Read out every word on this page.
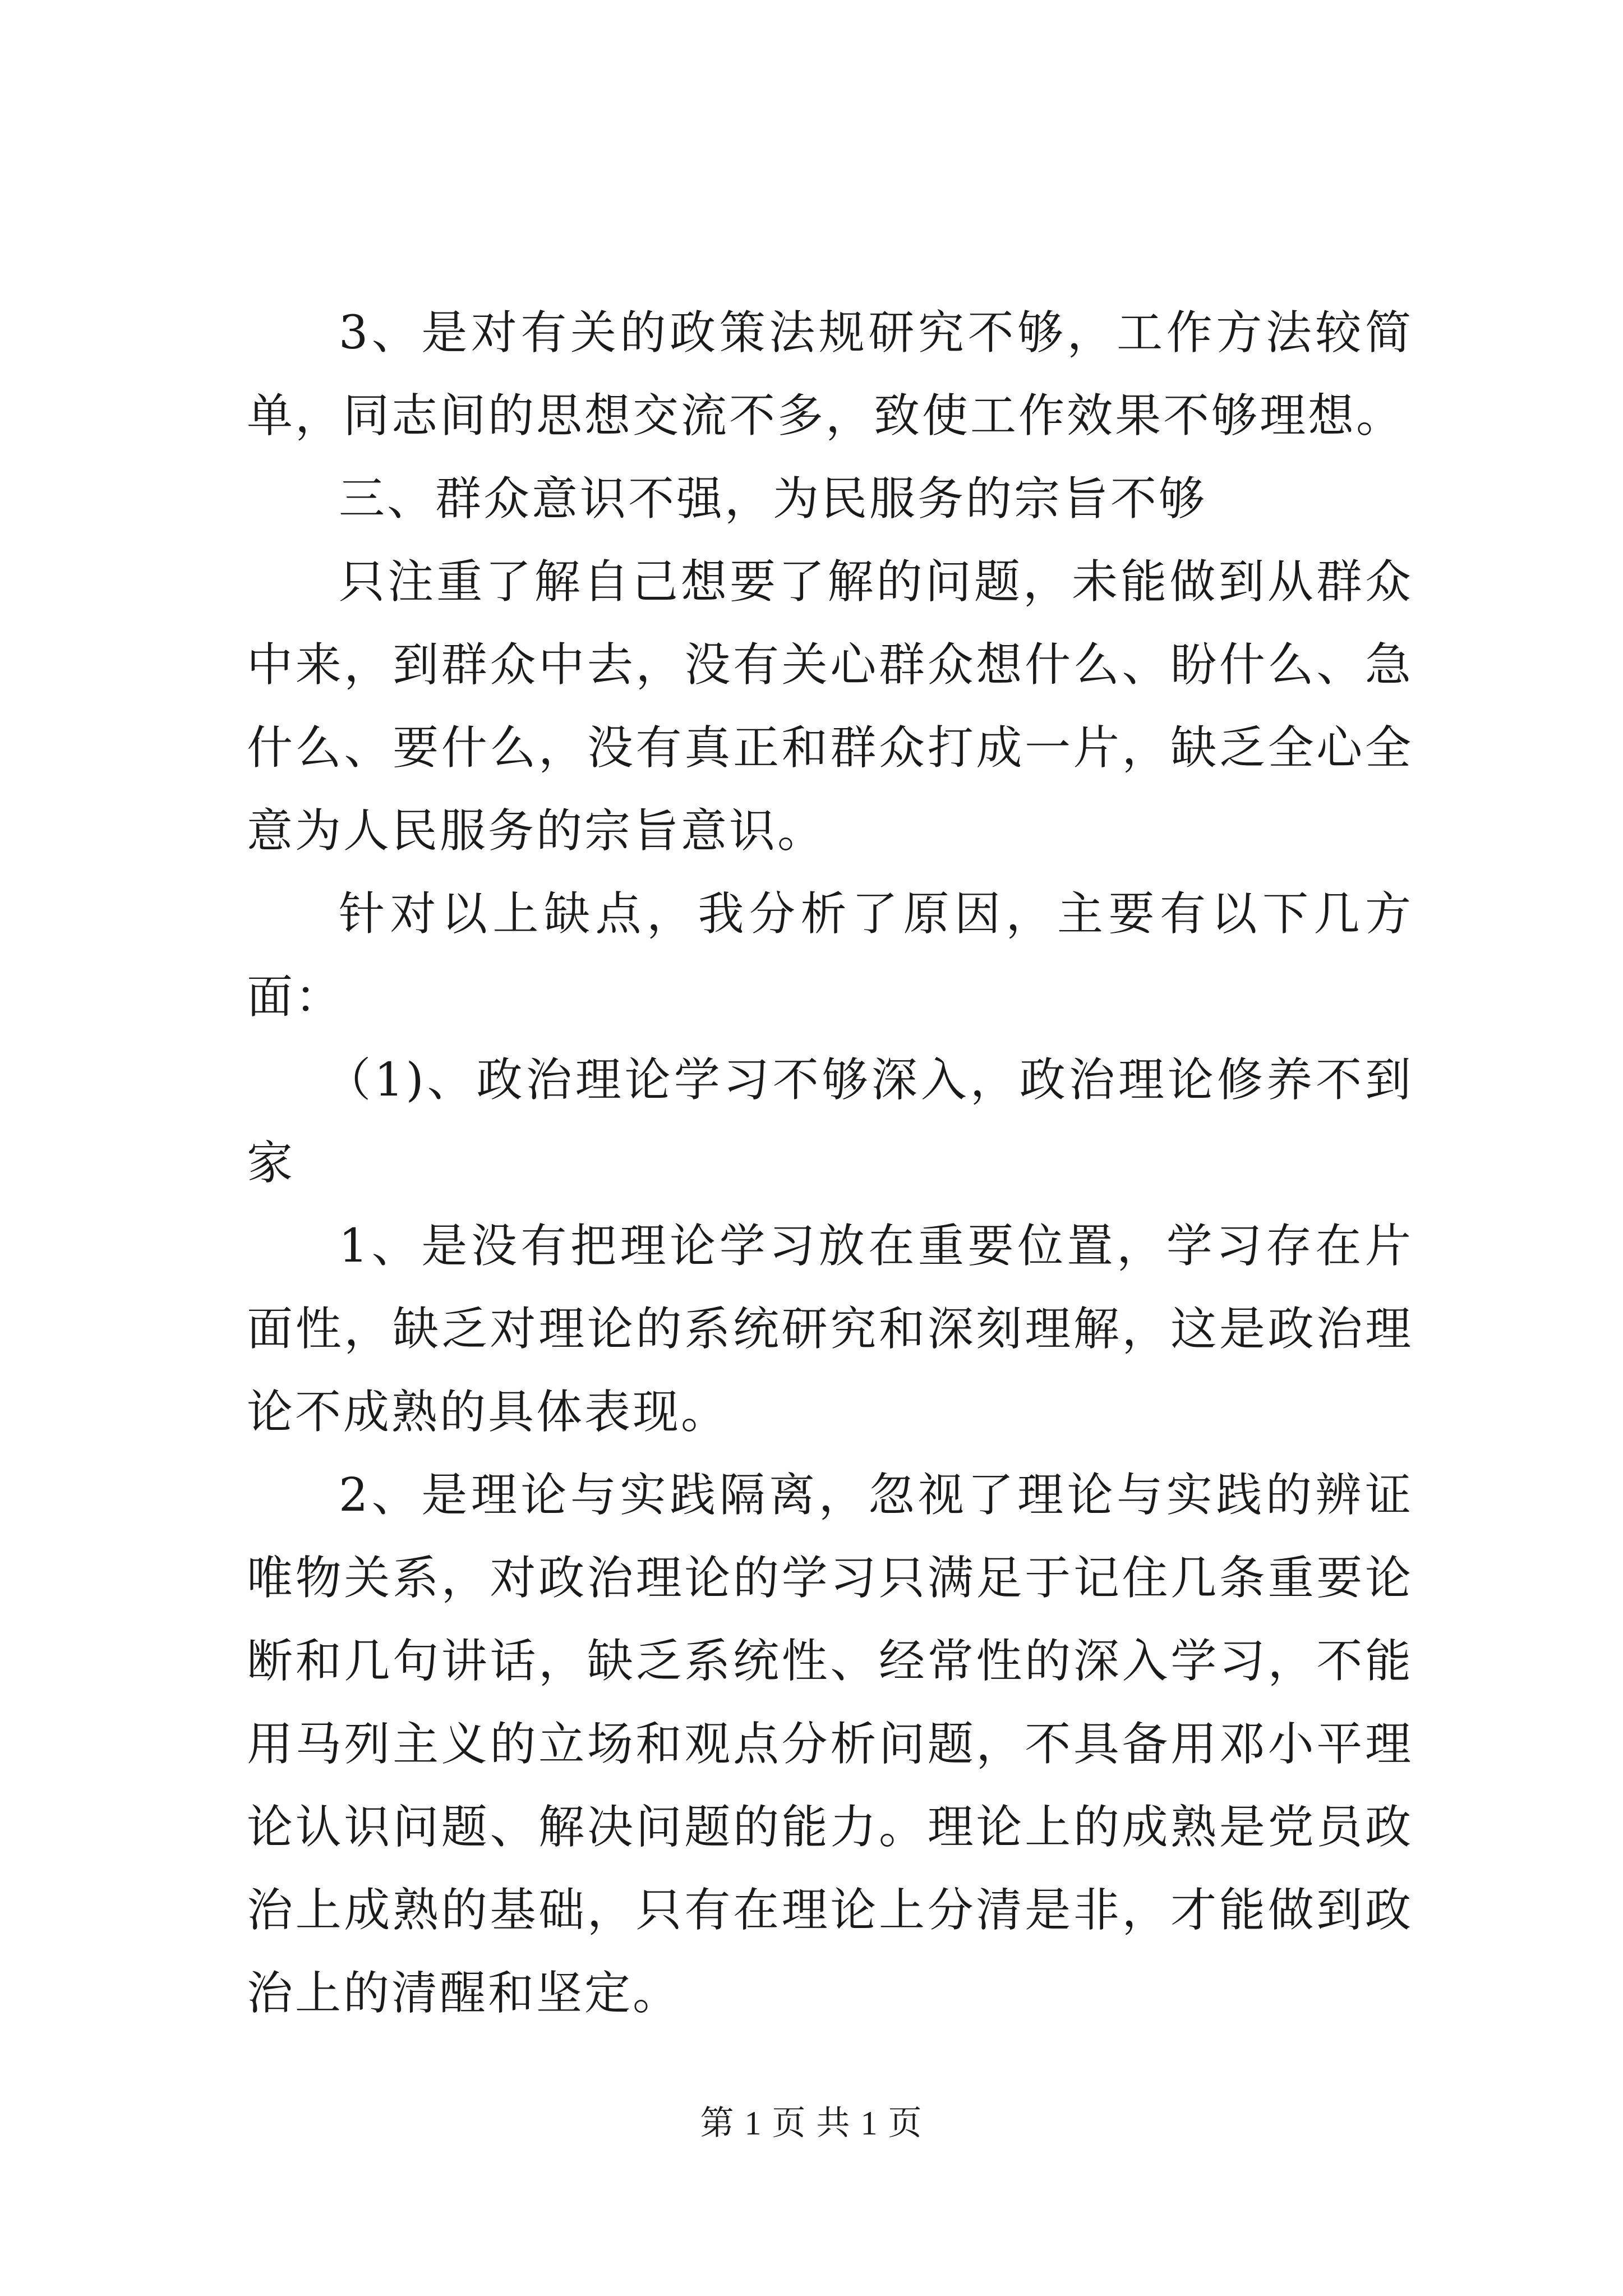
3、是对有关的政策法规研究不够，工作方法较简单，同志间的思想交流不多，致使工作效果不够理想。

三、群众意识不强，为民服务的宗旨不够

只注重了解自己想要了解的问题，未能做到从群众中来，到群众中去，没有关心群众想什么、盼什么、急什么、要什么，没有真正和群众打成一片，缺乏全心全意为人民服务的宗旨意识。

针对以上缺点，我分析了原因，主要有以下几方面：

（1)、政治理论学习不够深入，政治理论修养不到家

1、是没有把理论学习放在重要位置，学习存在片面性，缺乏对理论的系统研究和深刻理解，这是政治理论不成熟的具体表现。

2、是理论与实践隔离，忽视了理论与实践的辨证唯物关系，对政治理论的学习只满足于记住几条重要论断和几句讲话，缺乏系统性、经常性的深入学习，不能用马列主义的立场和观点分析问题，不具备用邓小平理论认识问题、解决问题的能力。理论上的成熟是党员政治上成熟的基础，只有在理论上分清是非，才能做到政治上的清醒和坚定。

第 1 页 共 1 页
